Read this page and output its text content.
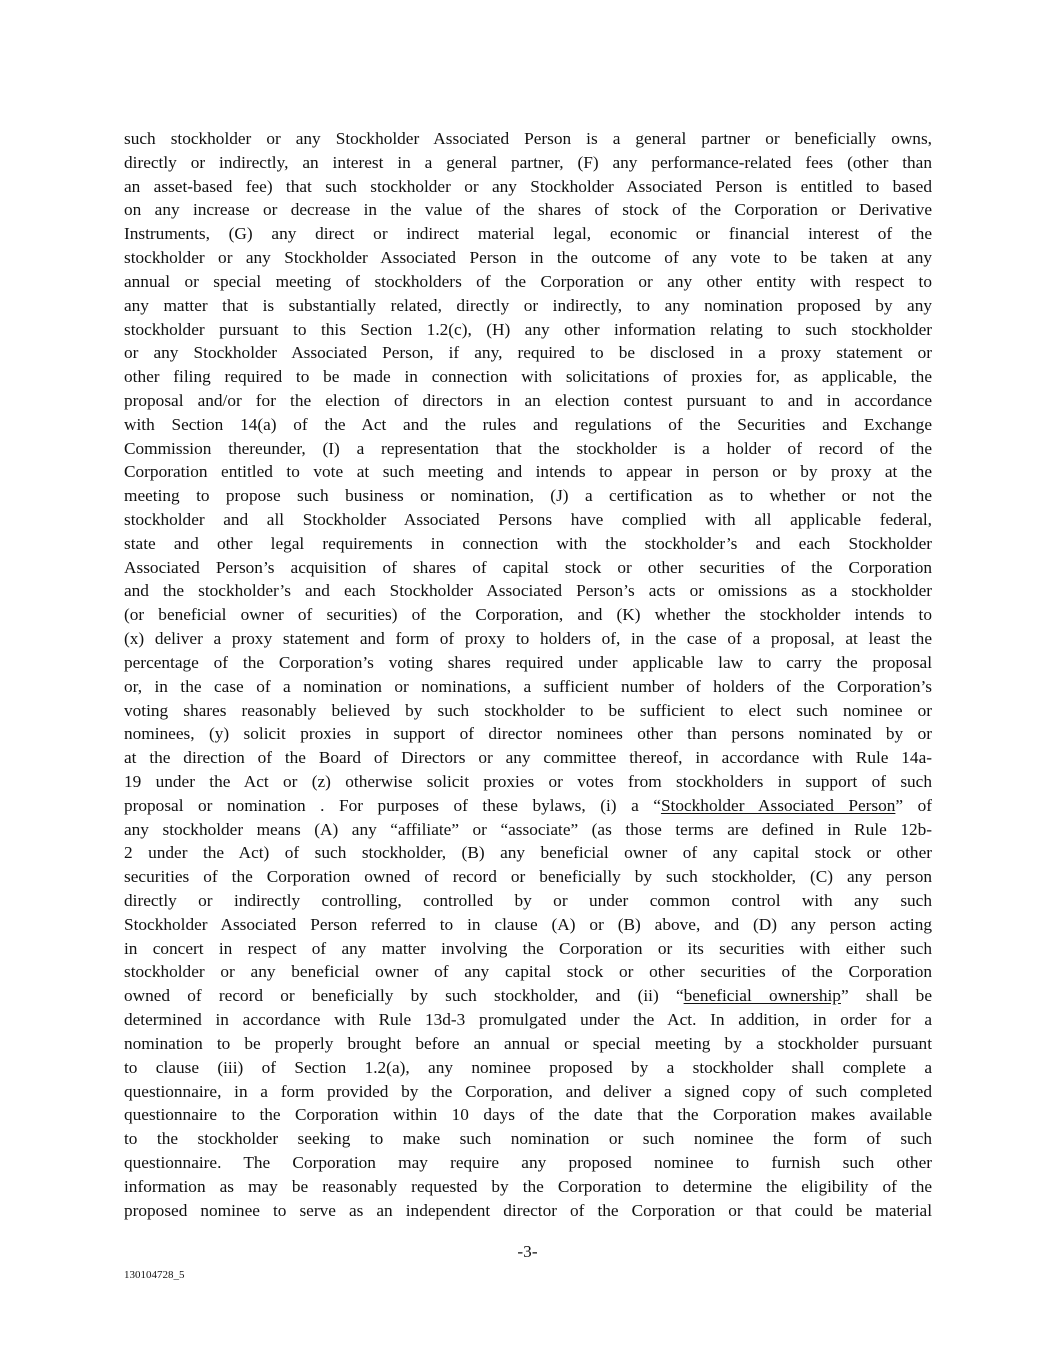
such stockholder or any Stockholder Associated Person is a general partner or beneficially owns,
directly or indirectly, an interest in a general partner, (F) any performance-related fees (other than
an asset-based fee) that such stockholder or any Stockholder Associated Person is entitled to based
on any increase or decrease in the value of the shares of stock of the Corporation or Derivative
Instruments, (G) any direct or indirect material legal, economic or financial interest of the
stockholder or any Stockholder Associated Person in the outcome of any vote to be taken at any
annual or special meeting of stockholders of the Corporation or any other entity with respect to
any matter that is substantially related, directly or indirectly, to any nomination proposed by any
stockholder pursuant to this Section 1.2(c), (H) any other information relating to such stockholder
or any Stockholder Associated Person, if any, required to be disclosed in a proxy statement or
other filing required to be made in connection with solicitations of proxies for, as applicable, the
proposal and/or for the election of directors in an election contest pursuant to and in accordance
with Section 14(a) of the Act and the rules and regulations of the Securities and Exchange
Commission thereunder, (I) a representation that the stockholder is a holder of record of the
Corporation entitled to vote at such meeting and intends to appear in person or by proxy at the
meeting to propose such business or nomination, (J) a certification as to whether or not the
stockholder and all Stockholder Associated Persons have complied with all applicable federal,
state and other legal requirements in connection with the stockholder’s and each Stockholder
Associated Person’s acquisition of shares of capital stock or other securities of the Corporation
and the stockholder’s and each Stockholder Associated Person’s acts or omissions as a stockholder
(or beneficial owner of securities) of the Corporation, and (K) whether the stockholder intends to
(x) deliver a proxy statement and form of proxy to holders of, in the case of a proposal, at least the
percentage of the Corporation’s voting shares required under applicable law to carry the proposal
or, in the case of a nomination or nominations, a sufficient number of holders of the Corporation’s
voting shares reasonably believed by such stockholder to be sufficient to elect such nominee or
nominees, (y) solicit proxies in support of director nominees other than persons nominated by or
at the direction of the Board of Directors or any committee thereof, in accordance with Rule 14a-
19 under the Act or (z) otherwise solicit proxies or votes from stockholders in support of such
proposal or nomination . For purposes of these bylaws, (i) a “Stockholder Associated Person” of
any stockholder means (A) any “affiliate” or “associate” (as those terms are defined in Rule 12b-
2 under the Act) of such stockholder, (B) any beneficial owner of any capital stock or other
securities of the Corporation owned of record or beneficially by such stockholder, (C) any person
directly or indirectly controlling, controlled by or under common control with any such
Stockholder Associated Person referred to in clause (A) or (B) above, and (D) any person acting
in concert in respect of any matter involving the Corporation or its securities with either such
stockholder or any beneficial owner of any capital stock or other securities of the Corporation
owned of record or beneficially by such stockholder, and (ii) “beneficial ownership” shall be
determined in accordance with Rule 13d-3 promulgated under the Act. In addition, in order for a
nomination to be properly brought before an annual or special meeting by a stockholder pursuant
to clause (iii) of Section 1.2(a), any nominee proposed by a stockholder shall complete a
questionnaire, in a form provided by the Corporation, and deliver a signed copy of such completed
questionnaire to the Corporation within 10 days of the date that the Corporation makes available
to the stockholder seeking to make such nomination or such nominee the form of such
questionnaire. The Corporation may require any proposed nominee to furnish such other
information as may be reasonably requested by the Corporation to determine the eligibility of the
proposed nominee to serve as an independent director of the Corporation or that could be material
-3-
130104728_5
